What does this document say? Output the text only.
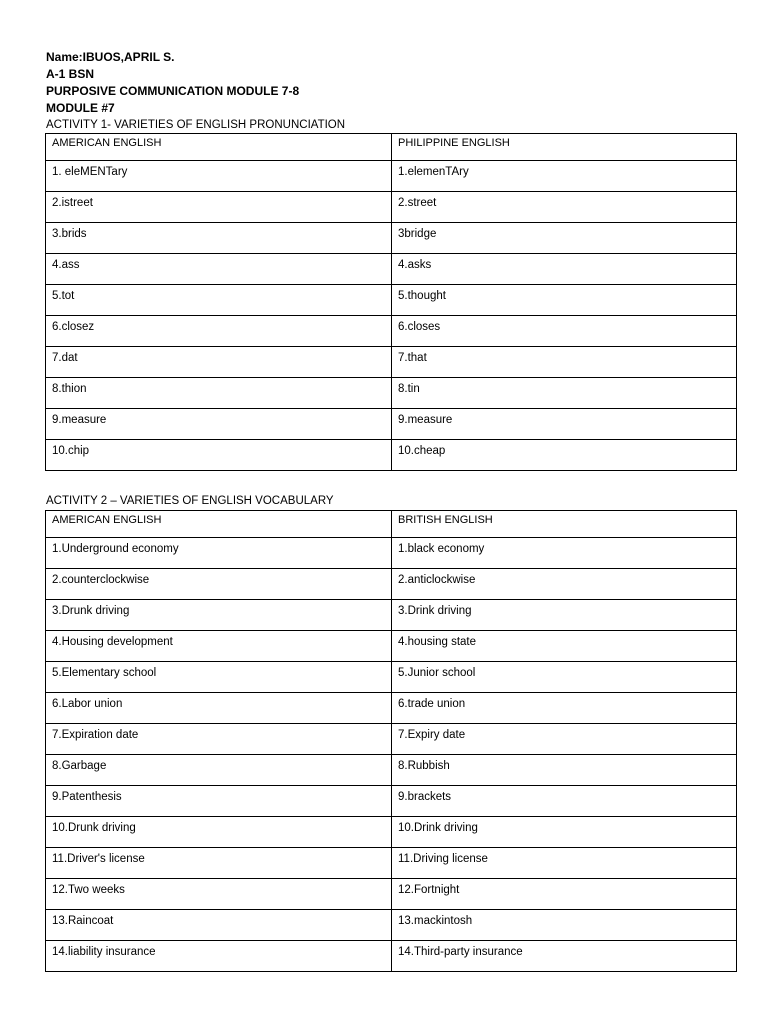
Name:IBUOS,APRIL S.
A-1 BSN
PURPOSIVE COMMUNICATION MODULE 7-8
MODULE #7
ACTIVITY 1- VARIETIES OF ENGLISH PRONUNCIATION
AMERICAN ENGLISH	PHILIPPINE ENGLISH
1. eleMENTary	1.elemenTAry
2.istreet	2.street
3.brids	3bridge
4.ass	4.asks
5.tot	5.thought
6.closez	6.closes
7.dat	7.that
8.thion	8.tin
9.measure	9.measure
10.chip	10.cheap
ACTIVITY 2 – VARIETIES OF ENGLISH VOCABULARY
AMERICAN ENGLISH	BRITISH ENGLISH
1.Underground economy	1.black economy
2.counterclockwise	2.anticlockwise
3.Drunk driving	3.Drink driving
4.Housing development	4.housing state
5.Elementary school	5.Junior school
6.Labor union	6.trade union
7.Expiration date	7.Expiry date
8.Garbage	8.Rubbish
9.Patenthesis	9.brackets
10.Drunk driving	10.Drink driving
11.Driver's license	11.Driving license
12.Two weeks	12.Fortnight
13.Raincoat	13.mackintosh
14.liability insurance	14.Third-party insurance
